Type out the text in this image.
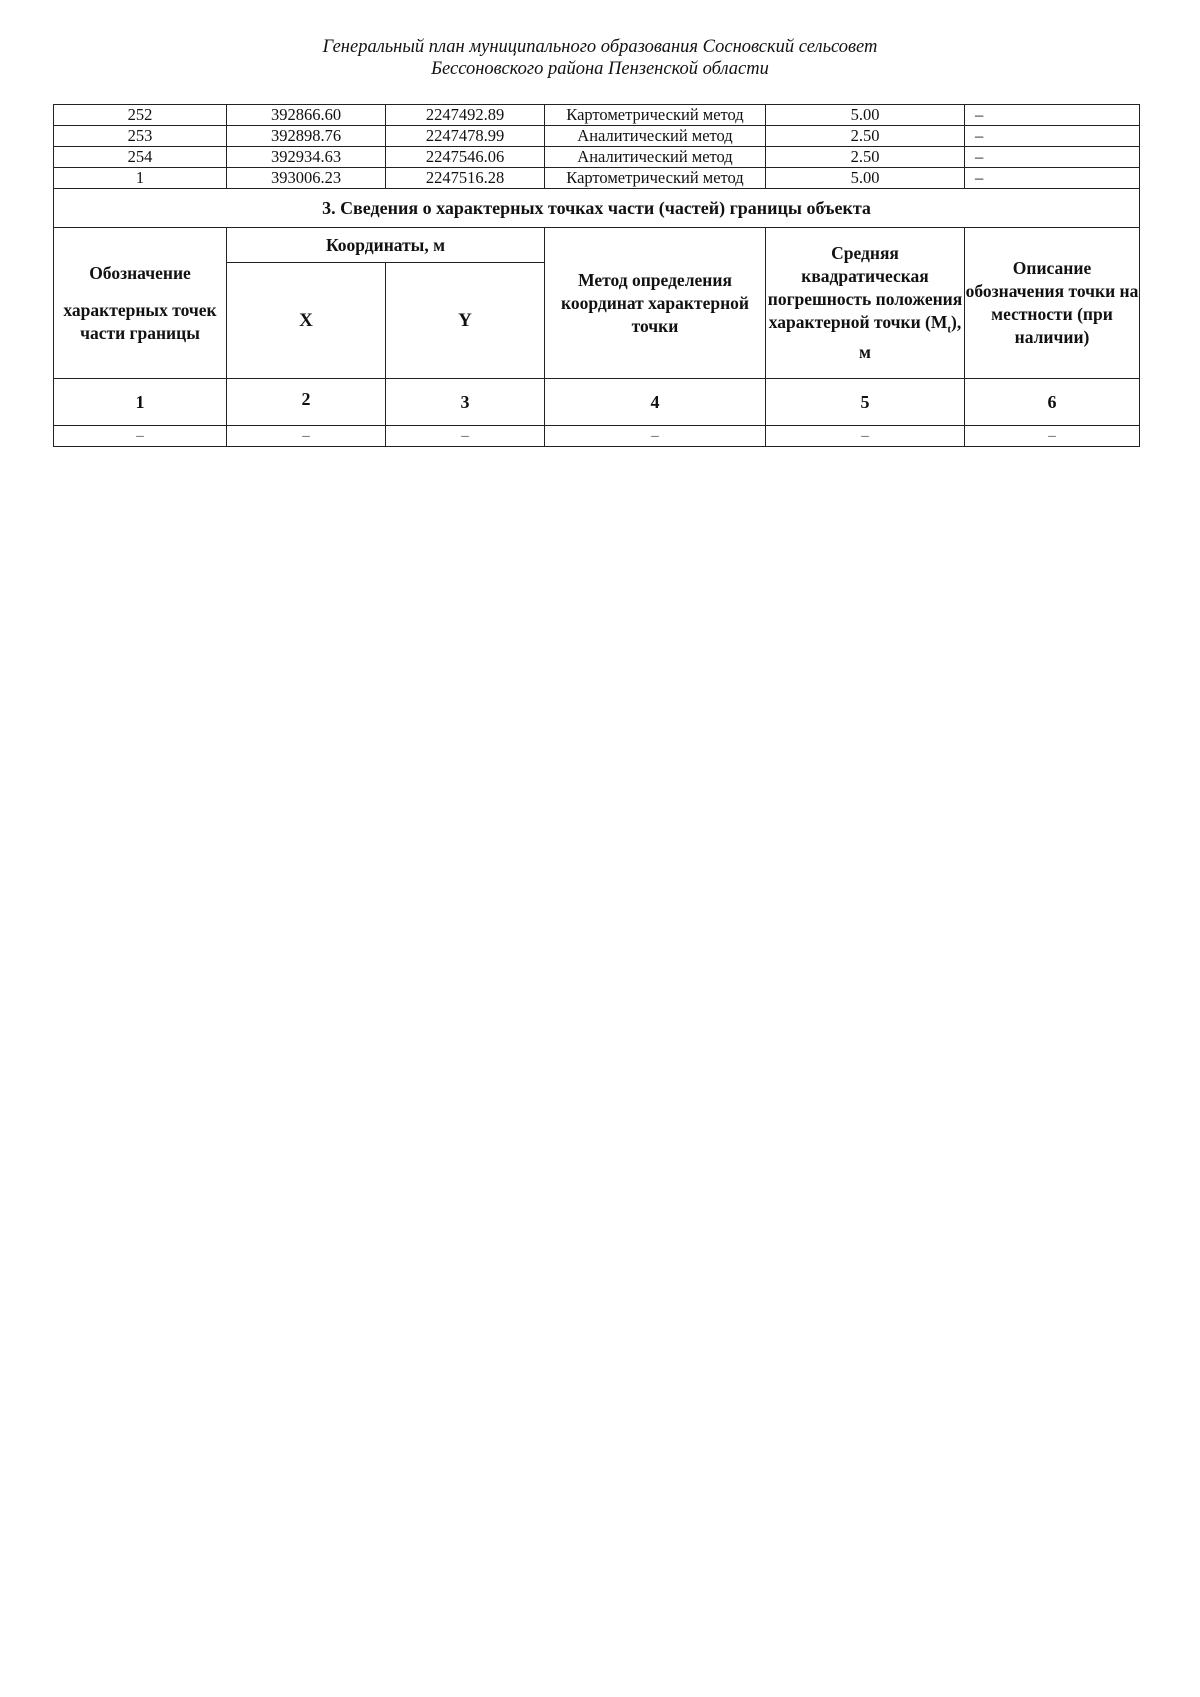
Генеральный план муниципального образования Сосновский сельсовет
Бессоновского района Пензенской области
252	392866.60	2247492.89	Картометрический метод	5.00	–
253	392898.76	2247478.99	Аналитический метод	2.50	–
254	392934.63	2247546.06	Аналитический метод	2.50	–
1	393006.23	2247516.28	Картометрический метод	5.00	–
3. Сведения о характерных точках части (частей) границы объекта					
Обозначение
характерных точек части границы	Координаты, м		Метод определения координат характерной точки	Средняя квадратическая погрешность положения характерной точки $(M_t)$, м	Описание обозначения точки на местности (при наличии)
	X	Y			
1	2	3	4	5	6
–	–	–	–	–	–
